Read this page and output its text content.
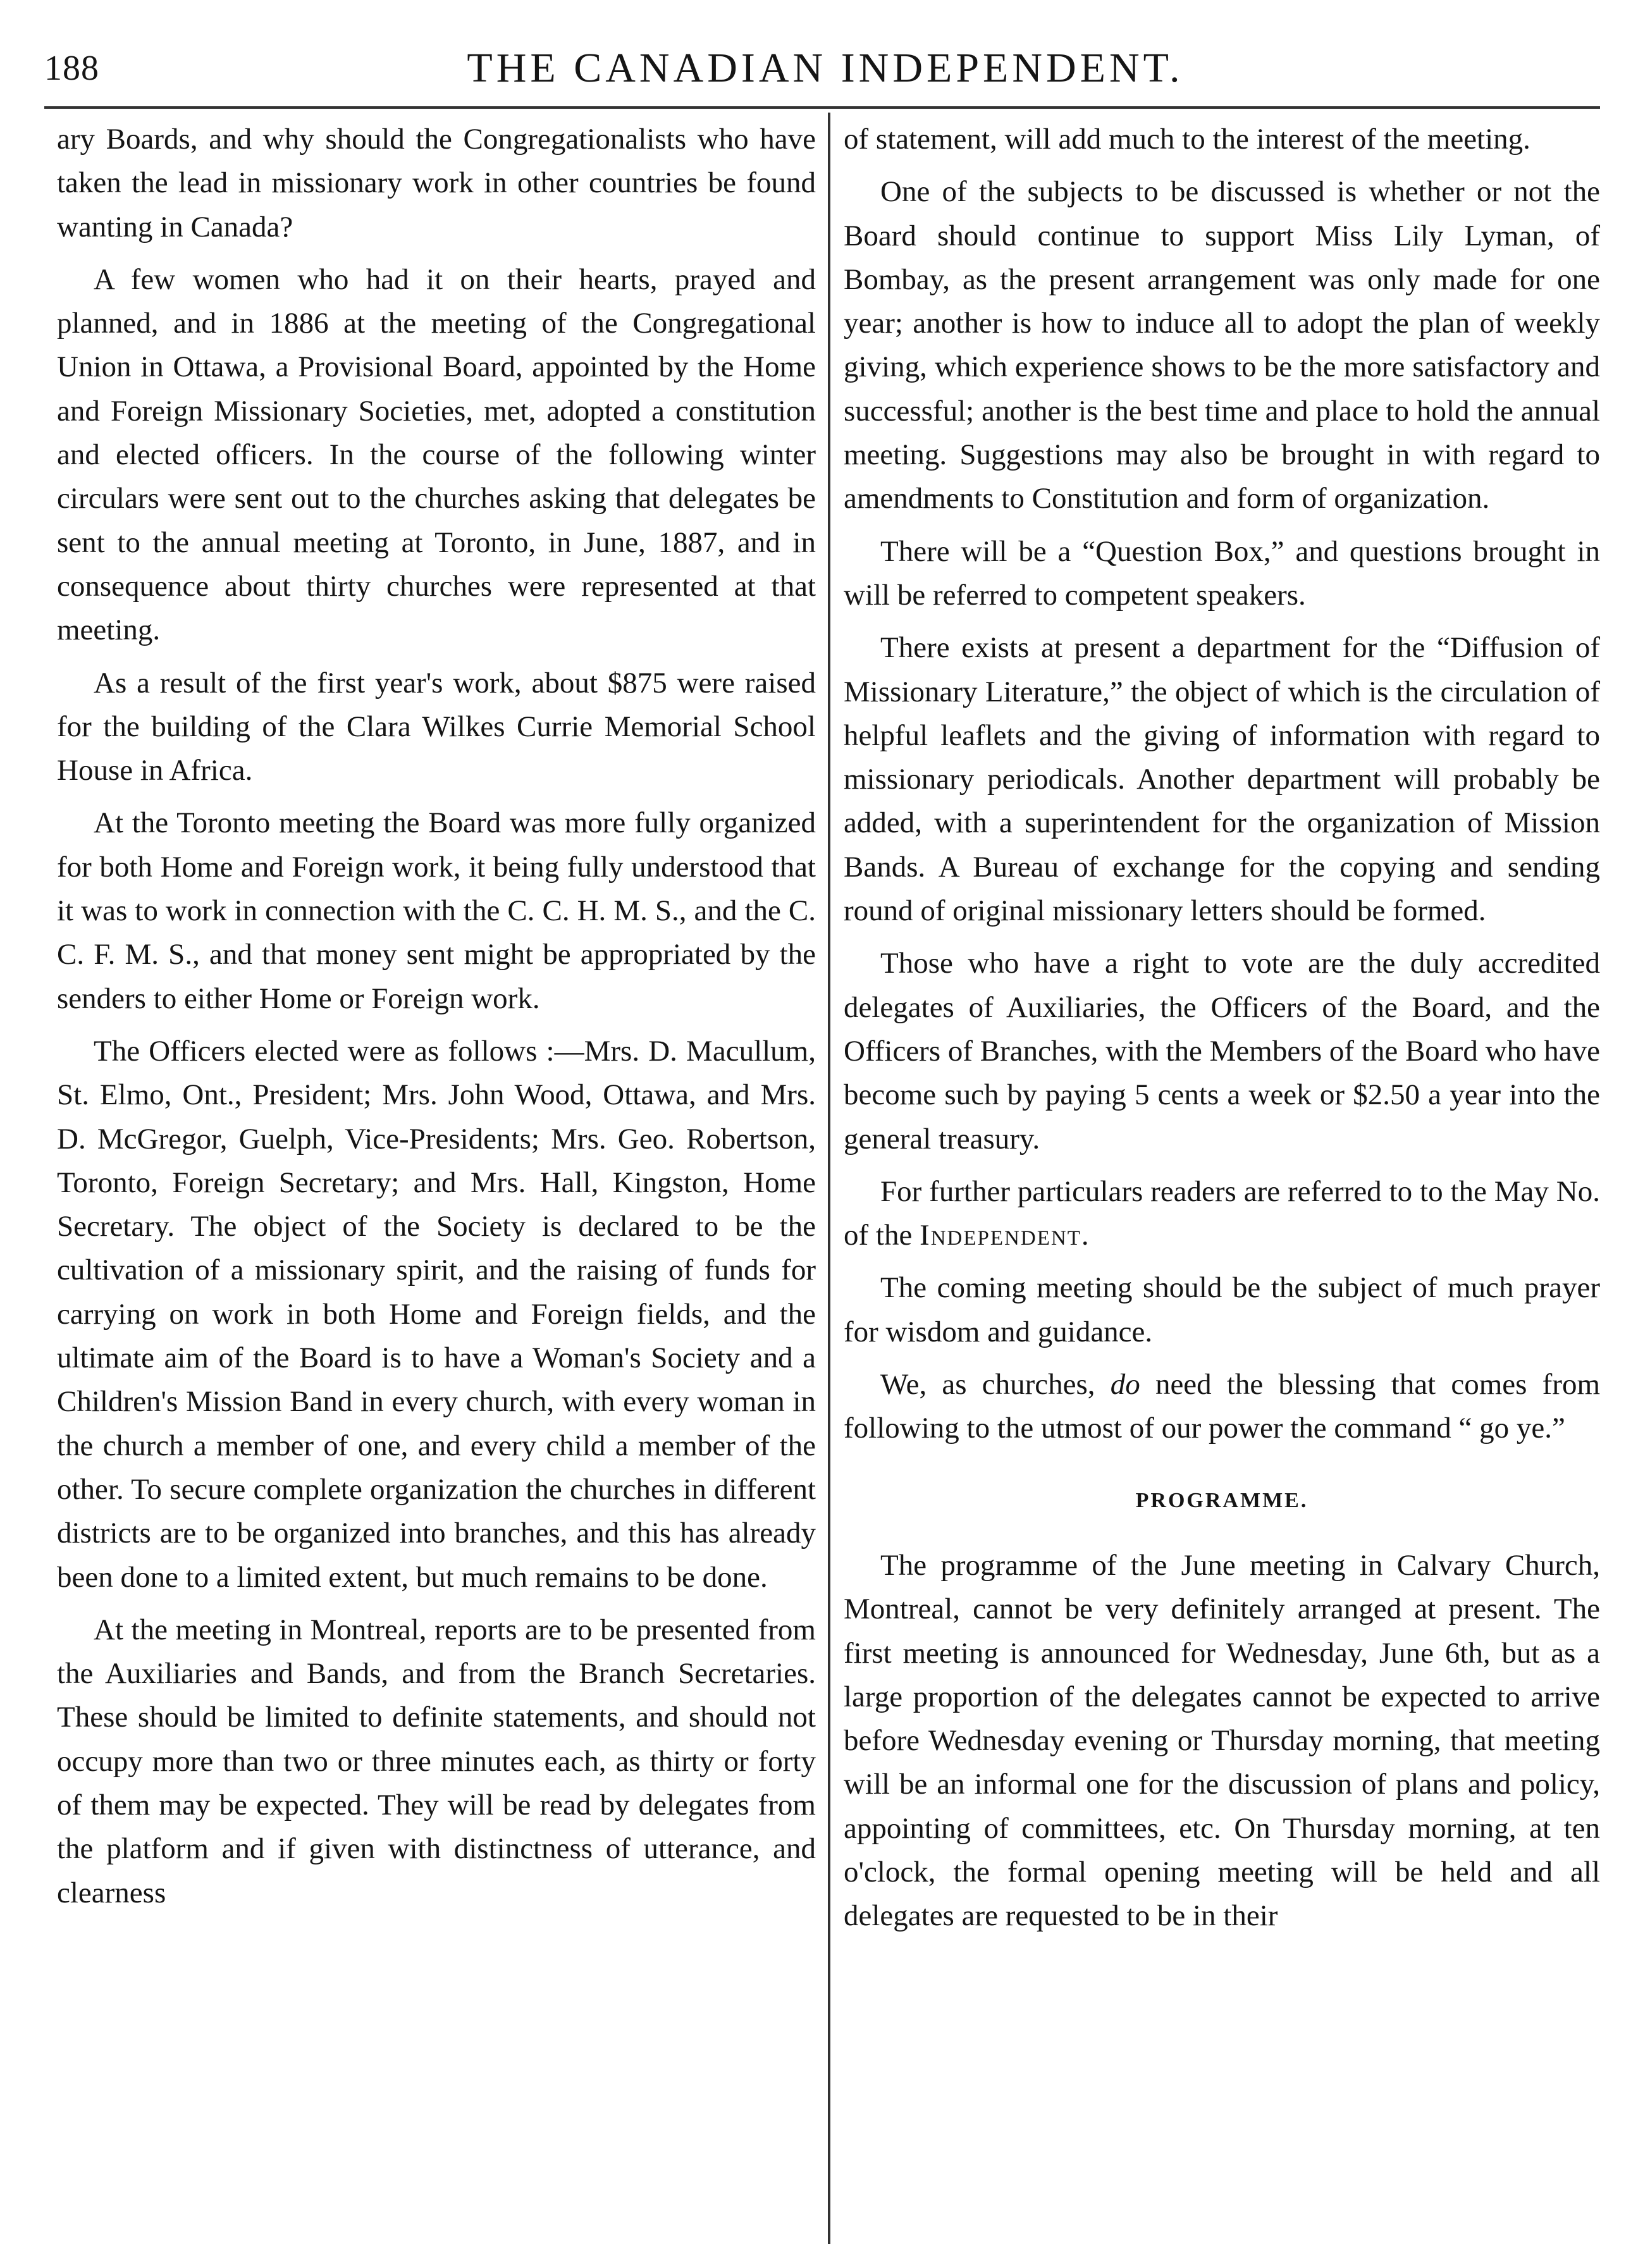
188	THE CANADIAN INDEPENDENT.

ary Boards, and why should the Congregationalists who have taken the lead in missionary work in other countries be found wanting in Canada?

A few women who had it on their hearts, prayed and planned, and in 1886 at the meeting of the Congregational Union in Ottawa, a Provisional Board, appointed by the Home and Foreign Missionary Societies, met, adopted a constitution and elected officers. In the course of the following winter circulars were sent out to the churches asking that delegates be sent to the annual meeting at Toronto, in June, 1887, and in consequence about thirty churches were represented at that meeting.

As a result of the first year's work, about $875 were raised for the building of the Clara Wilkes Currie Memorial School House in Africa.

At the Toronto meeting the Board was more fully organized for both Home and Foreign work, it being fully understood that it was to work in connection with the C. C. H. M. S., and the C. C. F. M. S., and that money sent might be appropriated by the senders to either Home or Foreign work.

The Officers elected were as follows :—Mrs. D. Macullum, St. Elmo, Ont., President; Mrs. John Wood, Ottawa, and Mrs. D. McGregor, Guelph, Vice-Presidents; Mrs. Geo. Robertson, Toronto, Foreign Secretary; and Mrs. Hall, Kingston, Home Secretary. The object of the Society is declared to be the cultivation of a missionary spirit, and the raising of funds for carrying on work in both Home and Foreign fields, and the ultimate aim of the Board is to have a Woman's Society and a Children's Mission Band in every church, with every woman in the church a member of one, and every child a member of the other. To secure complete organization the churches in different districts are to be organized into branches, and this has already been done to a limited extent, but much remains to be done.

At the meeting in Montreal, reports are to be presented from the Auxiliaries and Bands, and from the Branch Secretaries. These should be limited to definite statements, and should not occupy more than two or three minutes each, as thirty or forty of them may be expected. They will be read by delegates from the platform and if given with distinctness of utterance, and clearness

of statement, will add much to the interest of the meeting.

One of the subjects to be discussed is whether or not the Board should continue to support Miss Lily Lyman, of Bombay, as the present arrangement was only made for one year; another is how to induce all to adopt the plan of weekly giving, which experience shows to be the more satisfactory and successful; another is the best time and place to hold the annual meeting. Suggestions may also be brought in with regard to amendments to Constitution and form of organization.

There will be a “Question Box,” and questions brought in will be referred to competent speakers.

There exists at present a department for the “Diffusion of Missionary Literature,” the object of which is the circulation of helpful leaflets and the giving of information with regard to missionary periodicals. Another department will probably be added, with a superintendent for the organization of Mission Bands. A Bureau of exchange for the copying and sending round of original missionary letters should be formed.

Those who have a right to vote are the duly accredited delegates of Auxiliaries, the Officers of the Board, and the Officers of Branches, with the Members of the Board who have become such by paying 5 cents a week or $2.50 a year into the general treasury.

For further particulars readers are referred to to the May No. of the Independent.

The coming meeting should be the subject of much prayer for wisdom and guidance.

We, as churches, do need the blessing that comes from following to the utmost of our power the command “ go ye.”

PROGRAMME.

The programme of the June meeting in Calvary Church, Montreal, cannot be very definitely arranged at present. The first meeting is announced for Wednesday, June 6th, but as a large proportion of the delegates cannot be expected to arrive before Wednesday evening or Thursday morning, that meeting will be an informal one for the discussion of plans and policy, appointing of committees, etc. On Thursday morning, at ten o'clock, the formal opening meeting will be held and all delegates are requested to be in their
